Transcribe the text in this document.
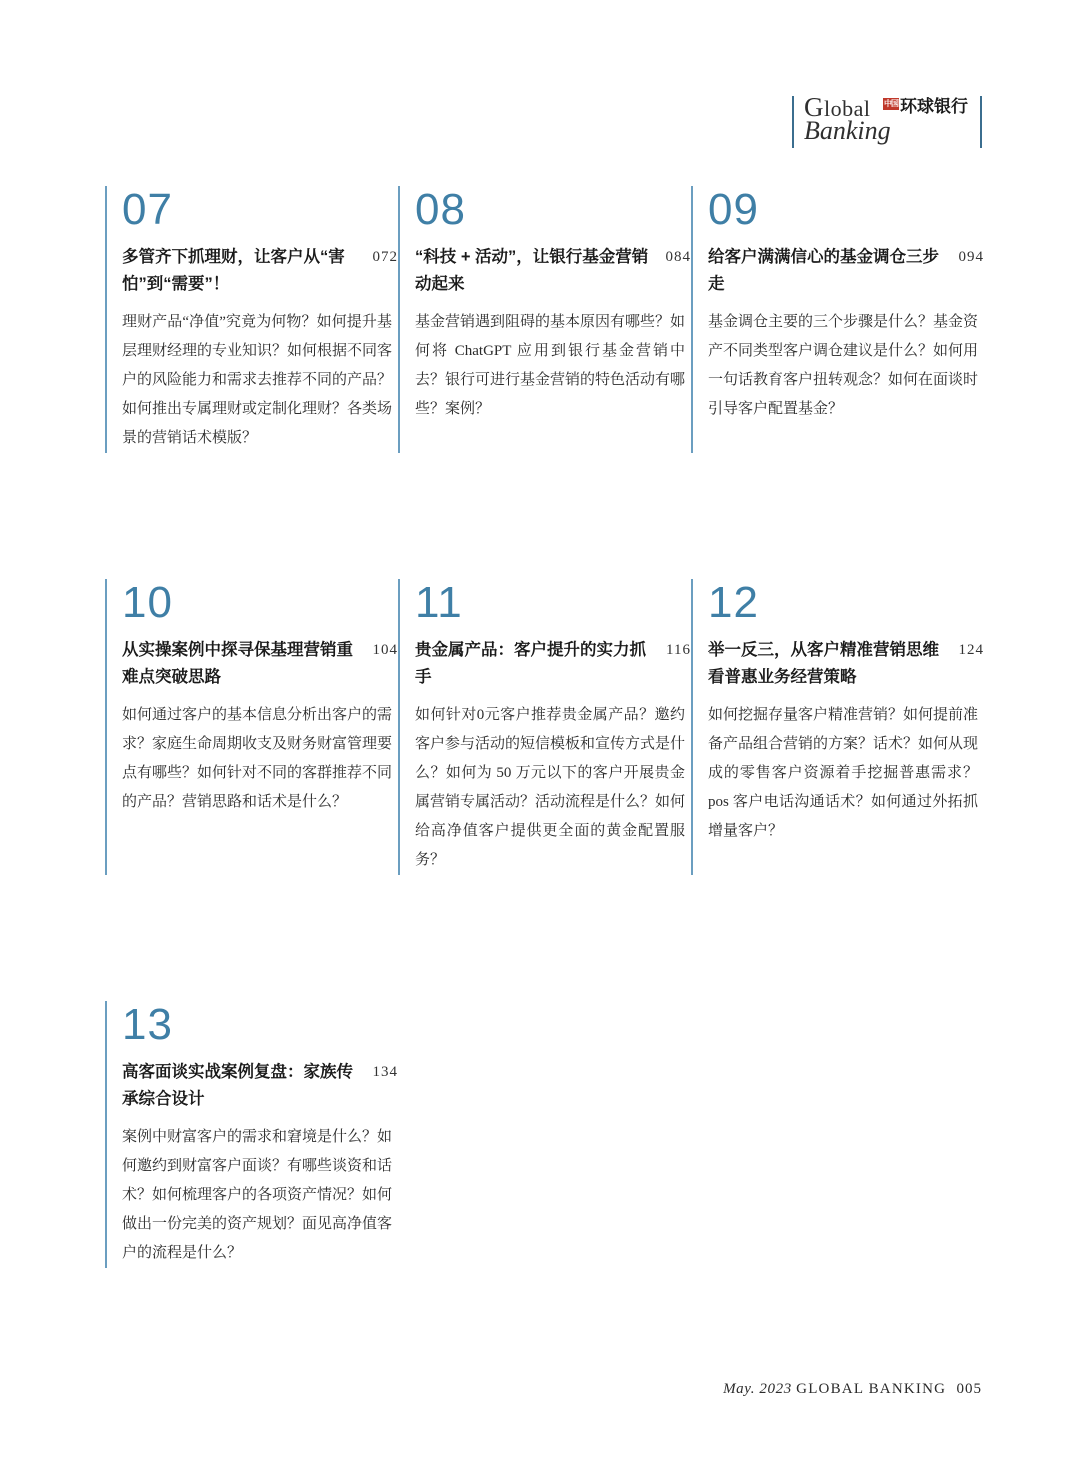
Global
Banking
中国 环球银行
07
072
多管齐下抓理财，让客户从“害怕”到“需要”！
理财产品“净值”究竟为何物？如何提升基层理财经理的专业知识？如何根据不同客户的风险能力和需求去推荐不同的产品？如何推出专属理财或定制化理财？各类场景的营销话术模版？
08
084
“科技 + 活动”，让银行基金营销动起来
基金营销遇到阻碍的基本原因有哪些？如何将 ChatGPT 应用到银行基金营销中去？银行可进行基金营销的特色活动有哪些？案例？
09
094
给客户满满信心的基金调仓三步走
基金调仓主要的三个步骤是什么？基金资产不同类型客户调仓建议是什么？如何用一句话教育客户扭转观念？如何在面谈时引导客户配置基金？
10
104
从实操案例中探寻保基理营销重难点突破思路
如何通过客户的基本信息分析出客户的需求？家庭生命周期收支及财务财富管理要点有哪些？如何针对不同的客群推荐不同的产品？营销思路和话术是什么？
11
116
贵金属产品：客户提升的实力抓手
如何针对0元客户推荐贵金属产品？邀约客户参与活动的短信模板和宣传方式是什么？如何为 50 万元以下的客户开展贵金属营销专属活动？活动流程是什么？如何给高净值客户提供更全面的黄金配置服务？
12
124
举一反三，从客户精准营销思维看普惠业务经营策略
如何挖掘存量客户精准营销？如何提前准备产品组合营销的方案？话术？如何从现成的零售客户资源着手挖掘普惠需求？pos 客户电话沟通话术？如何通过外拓抓增量客户？
13
134
高客面谈实战案例复盘：家族传承综合设计
案例中财富客户的需求和窘境是什么？如何邀约到财富客户面谈？有哪些谈资和话术？如何梳理客户的各项资产情况？如何做出一份完美的资产规划？面见高净值客户的流程是什么？
May. 2023 GLOBAL BANKING 005
